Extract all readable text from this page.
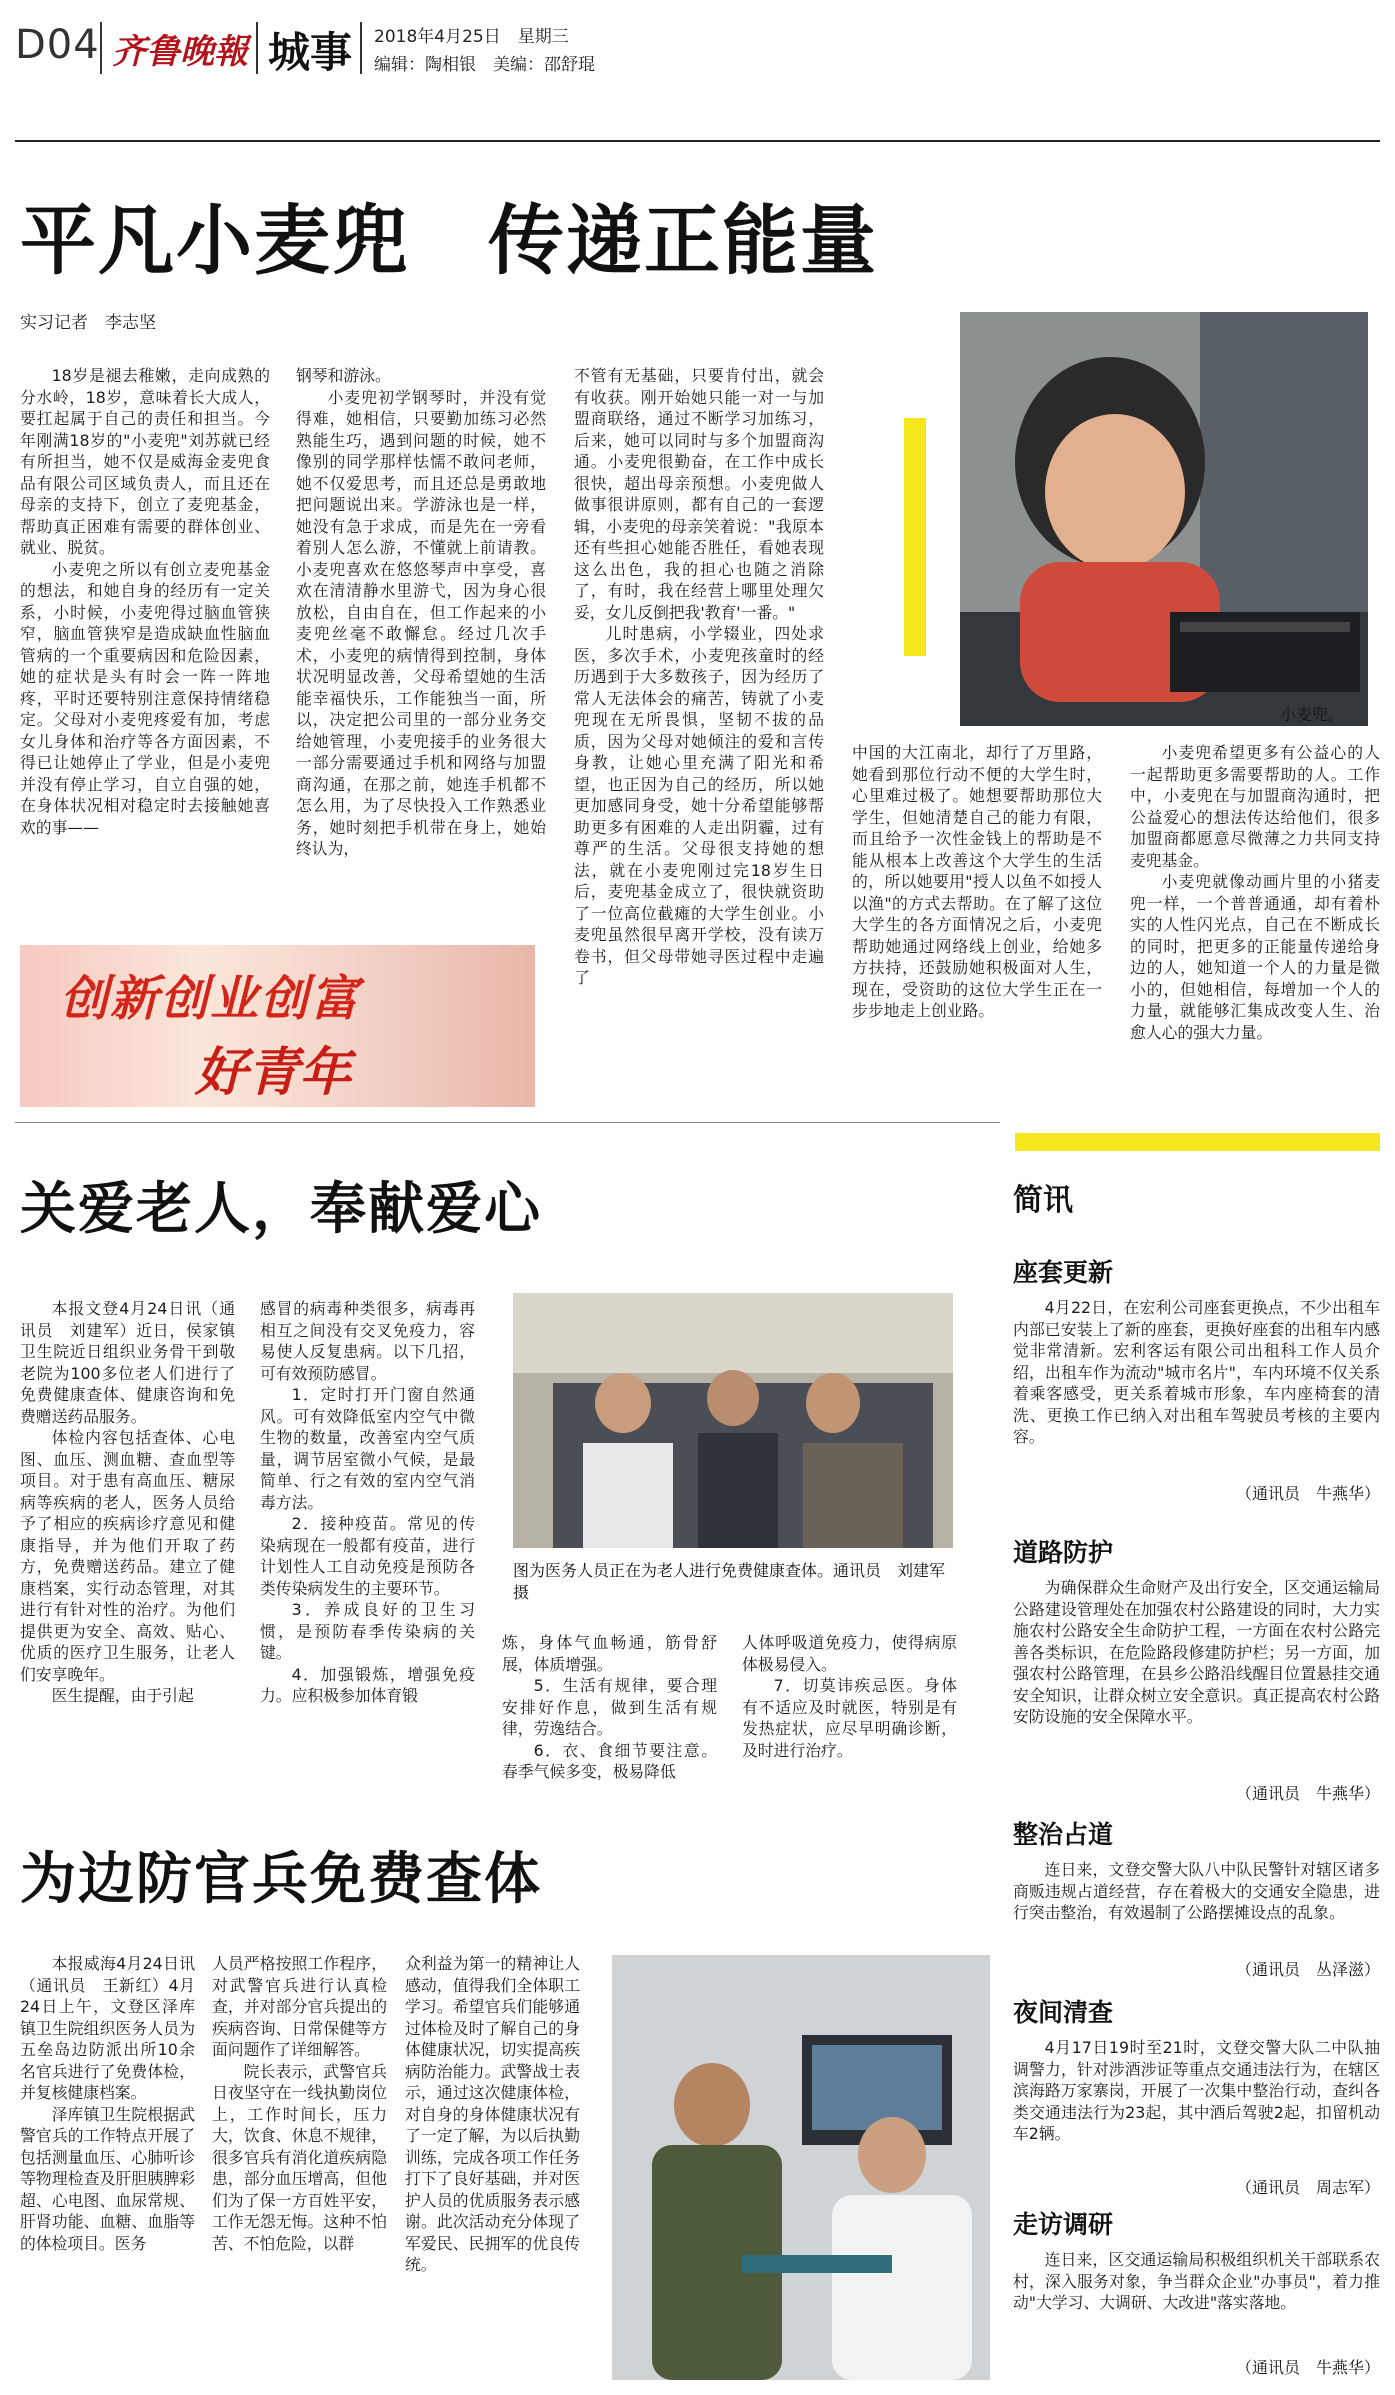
D04 齐鲁晚報 城事 2018年4月25日　星期三
编辑：陶相银　美编：邵舒琨
平凡小麦兜　传递正能量
实习记者　李志坚

18岁是褪去稚嫩，走向成熟的分水岭，18岁，意味着长大成人，要扛起属于自己的责任和担当。今年刚满18岁的"小麦兜"刘苏就已经有所担当，她不仅是威海金麦兜食品有限公司区域负责人，而且还在母亲的支持下，创立了麦兜基金，帮助真正困难有需要的群体创业、就业、脱贫。

小麦兜之所以有创立麦兜基金的想法，和她自身的经历有一定关系，小时候，小麦兜得过脑血管狭窄，脑血管狭窄是造成缺血性脑血管病的一个重要病因和危险因素，她的症状是头有时会一阵一阵地疼，平时还要特别注意保持情绪稳定。父母对小麦兜疼爱有加，考虑女儿身体和治疗等各方面因素，不得已让她停止了学业，但是小麦兜并没有停止学习，自立自强的她，在身体状况相对稳定时去接触她喜欢的事——

钢琴和游泳。

小麦兜初学钢琴时，并没有觉得难，她相信，只要勤加练习必然熟能生巧，遇到问题的时候，她不像别的同学那样怯懦不敢问老师，她不仅爱思考，而且还总是勇敢地把问题说出来。学游泳也是一样，她没有急于求成，而是先在一旁看着别人怎么游，不懂就上前请教。小麦兜喜欢在悠悠琴声中享受，喜欢在清清静水里游弋，因为身心很放松，自由自在，但工作起来的小麦兜丝毫不敢懈怠。经过几次手术，小麦兜的病情得到控制，身体状况明显改善，父母希望她的生活能幸福快乐，工作能独当一面，所以，决定把公司里的一部分业务交给她管理，小麦兜接手的业务很大一部分需要通过手机和网络与加盟商沟通，在那之前，她连手机都不怎么用，为了尽快投入工作熟悉业务，她时刻把手机带在身上，她始终认为，

不管有无基础，只要肯付出，就会有收获。刚开始她只能一对一与加盟商联络，通过不断学习加练习，后来，她可以同时与多个加盟商沟通。小麦兜很勤奋，在工作中成长很快，超出母亲预想。小麦兜做人做事很讲原则，都有自己的一套逻辑，小麦兜的母亲笑着说："我原本还有些担心她能否胜任，看她表现这么出色，我的担心也随之消除了，有时，我在经营上哪里处理欠妥，女儿反倒把我'教育'一番。"

儿时患病，小学辍业，四处求医，多次手术，小麦兜孩童时的经历遇到于大多数孩子，因为经历了常人无法体会的痛苦，铸就了小麦兜现在无所畏惧，坚韧不拔的品质，因为父母对她倾注的爱和言传身教，让她心里充满了阳光和希望，也正因为自己的经历，所以她更加感同身受，她十分希望能够帮助更多有困难的人走出阴霾，过有尊严的生活。父母很支持她的想法，就在小麦兜刚过完18岁生日后，麦兜基金成立了，很快就资助了一位高位截瘫的大学生创业。小麦兜虽然很早离开学校，没有读万卷书，但父母带她寻医过程中走遍了

中国的大江南北，却行了万里路，她看到那位行动不便的大学生时，心里难过极了。她想要帮助那位大学生，但她清楚自己的能力有限，而且给予一次性金钱上的帮助是不能从根本上改善这个大学生的生活的，所以她要用"授人以鱼不如授人以渔"的方式去帮助。在了解了这位大学生的各方面情况之后，小麦兜帮助她通过网络线上创业，给她多方扶持，还鼓励她积极面对人生，现在，受资助的这位大学生正在一步步地走上创业路。

小麦兜希望更多有公益心的人一起帮助更多需要帮助的人。工作中，小麦兜在与加盟商沟通时，把公益爱心的想法传达给他们，很多加盟商都愿意尽微薄之力共同支持麦兜基金。

小麦兜就像动画片里的小猪麦兜一样，一个普普通通，却有着朴实的人性闪光点，自己在不断成长的同时，把更多的正能量传递给身边的人，她知道一个人的力量是微小的，但她相信，每增加一个人的力量，就能够汇集成改变人生、治愈人心的强大力量。

小麦兜。
创新创业创富
好青年
关爱老人，奉献爱心

本报文登4月24日讯（通讯员　刘建军）近日，侯家镇卫生院近日组织业务骨干到敬老院为100多位老人们进行了免费健康查体、健康咨询和免费赠送药品服务。

体检内容包括查体、心电图、血压、测血糖、查血型等项目。对于患有高血压、糖尿病等疾病的老人，医务人员给予了相应的疾病诊疗意见和健康指导，并为他们开取了药方，免费赠送药品。建立了健康档案，实行动态管理，对其进行有针对性的治疗。为他们提供更为安全、高效、贴心、优质的医疗卫生服务，让老人们安享晚年。

医生提醒，由于引起

感冒的病毒种类很多，病毒再相互之间没有交叉免疫力，容易使人反复患病。以下几招，可有效预防感冒。

1．定时打开门窗自然通风。可有效降低室内空气中微生物的数量，改善室内空气质量，调节居室微小气候，是最简单、行之有效的室内空气消毒方法。

2．接种疫苗。常见的传染病现在一般都有疫苗，进行计划性人工自动免疫是预防各类传染病发生的主要环节。

3．养成良好的卫生习惯，是预防春季传染病的关键。

4．加强锻炼，增强免疫力。应积极参加体育锻

炼，身体气血畅通，筋骨舒展，体质增强。

5．生活有规律，要合理安排好作息，做到生活有规律，劳逸结合。

6．衣、食细节要注意。春季气候多变，极易降低

人体呼吸道免疫力，使得病原体极易侵入。

7．切莫讳疾忌医。身体有不适应及时就医，特别是有发热症状，应尽早明确诊断，及时进行治疗。

图为医务人员正在为老人进行免费健康查体。通讯员　刘建军　摄
为边防官兵免费查体

本报威海4月24日讯（通讯员　王新红）4月24日上午，文登区泽库镇卫生院组织医务人员为五垒岛边防派出所10余名官兵进行了免费体检，并复核健康档案。

泽库镇卫生院根据武警官兵的工作特点开展了包括测量血压、心肺听诊等物理检查及肝胆胰脾彩超、心电图、血尿常规、肝肾功能、血糖、血脂等的体检项目。医务

人员严格按照工作程序，对武警官兵进行认真检查，并对部分官兵提出的疾病咨询、日常保健等方面问题作了详细解答。

院长表示，武警官兵日夜坚守在一线执勤岗位上，工作时间长，压力大，饮食、休息不规律，很多官兵有消化道疾病隐患，部分血压增高，但他们为了保一方百姓平安，工作无怨无悔。这种不怕苦、不怕危险，以群

众利益为第一的精神让人感动，值得我们全体职工学习。希望官兵们能够通过体检及时了解自己的身体健康状况，切实提高疾病防治能力。武警战士表示，通过这次健康体检，对自身的身体健康状况有了一定了解，为以后执勤训练，完成各项工作任务打下了良好基础，并对医护人员的优质服务表示感谢。此次活动充分体现了军爱民、民拥军的优良传统。

简讯
座套更新

4月22日，在宏利公司座套更换点，不少出租车内部已安装上了新的座套，更换好座套的出租车内感觉非常清新。宏利客运有限公司出租科工作人员介绍，出租车作为流动"城市名片"，车内环境不仅关系着乘客感受，更关系着城市形象，车内座椅套的清洗、更换工作已纳入对出租车驾驶员考核的主要内容。

（通讯员　牛燕华）
道路防护

为确保群众生命财产及出行安全，区交通运输局公路建设管理处在加强农村公路建设的同时，大力实施农村公路安全生命防护工程，一方面在农村公路完善各类标识，在危险路段修建防护栏；另一方面，加强农村公路管理，在县乡公路沿线醒目位置悬挂交通安全知识，让群众树立安全意识。真正提高农村公路安防设施的安全保障水平。

（通讯员　牛燕华）
整治占道

连日来，文登交警大队八中队民警针对辖区诸多商贩违规占道经营，存在着极大的交通安全隐患，进行突击整治，有效遏制了公路摆摊设点的乱象。

（通讯员　丛泽滋）
夜间清查

4月17日19时至21时，文登交警大队二中队抽调警力，针对涉酒涉证等重点交通违法行为，在辖区滨海路万家寨岗，开展了一次集中整治行动，查纠各类交通违法行为23起，其中酒后驾驶2起，扣留机动车2辆。

（通讯员　周志军）
走访调研

连日来，区交通运输局积极组织机关干部联系农村，深入服务对象，争当群众企业"办事员"，着力推动"大学习、大调研、大改进"落实落地。

（通讯员　牛燕华）
